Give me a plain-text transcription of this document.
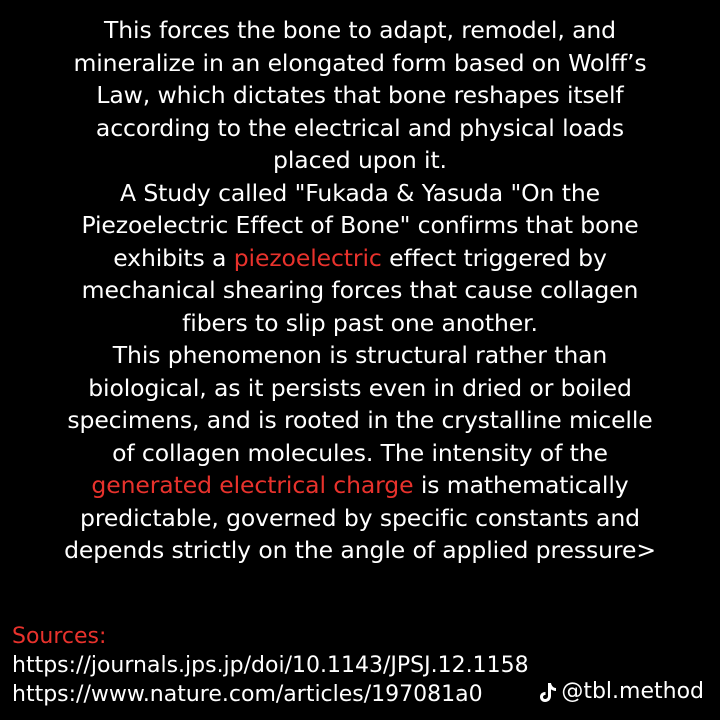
This forces the bone to adapt, remodel, and
mineralize in an elongated form based on Wolff’s
Law, which dictates that bone reshapes itself
according to the electrical and physical loads
placed upon it.
A Study called "Fukada & Yasuda "On the
Piezoelectric Effect of Bone" confirms that bone
exhibits a piezoelectric effect triggered by
mechanical shearing forces that cause collagen
fibers to slip past one another.
This phenomenon is structural rather than
biological, as it persists even in dried or boiled
specimens, and is rooted in the crystalline micelle
of collagen molecules. The intensity of the
generated electrical charge is mathematically
predictable, governed by specific constants and
depends strictly on the angle of applied pressure>
Sources:
https://journals.jps.jp/doi/10.1143/JPSJ.12.1158
https://www.nature.com/articles/197081a0	@tbl.method
